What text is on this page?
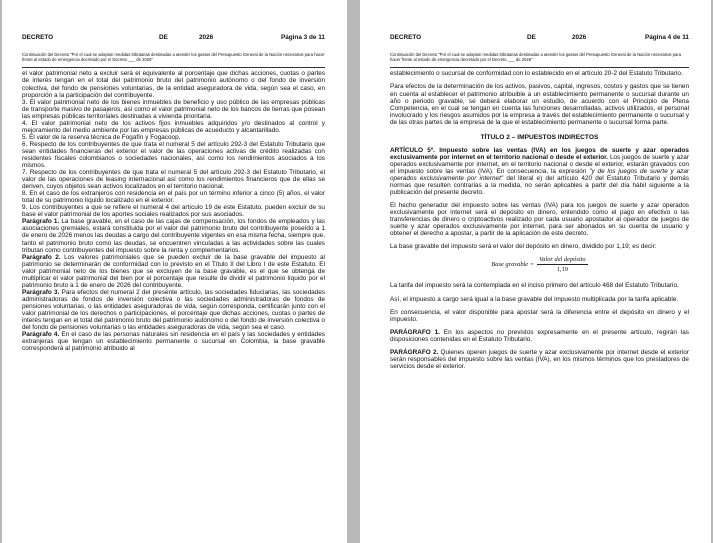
DECRETO	DE	2026	Página 3 de 11
Continuación del Decreto "Por el cual se adoptan medidas tributarias destinadas a atender los gastos del Presupuesto General de la Nación necesarios para hacer frente al estado de emergencia decretado por el Decreto ___ de 2026"

el valor patrimonial neto a excluir será el equivalente al porcentaje que dichas acciones, cuotas o partes de interés tengan en el total del patrimonio bruto del patrimonio autónomo o del fondo de inversión colectiva, del fondo de pensiones voluntarias, de la entidad aseguradora de vida, según sea el caso, en proporción a la participación del contribuyente.

3. El valor patrimonial neto de los bienes inmuebles de beneficio y uso público de las empresas públicas de transporte masivo de pasajeros, así como el valor patrimonial neto de los bancos de tierras que posean las empresas públicas territoriales destinadas a vivienda prioritaria.

4. El valor patrimonial neto de los activos fijos inmuebles adquiridos y/o destinados al control y mejoramiento del medio ambiente por las empresas públicas de acueducto y alcantarillado.

5. El valor de la reserva técnica de Fogafín y Fogacoop.

6. Respecto de los contribuyentes de que trata el numeral 5 del artículo 292-3 del Estatuto Tributario que sean entidades financieras del exterior el valor de las operaciones activas de crédito realizadas con residentes fiscales colombianos o sociedades nacionales, así como los rendimientos asociados a los mismos.

7. Respecto de los contribuyentes de que trata el numeral 5 del artículo 292-3 del Estatuto Tributario, el valor de las operaciones de leasing internacional así como los rendimientos financieros que de ellas se deriven, cuyos objetos sean activos localizados en el territorio nacional.

8. En el caso de los extranjeros con residencia en el país por un término inferior a cinco (5) años, el valor total de su patrimonio líquido localizado en el exterior.

9. Los contribuyentes a que se refiere el numeral 4 del artículo 19 de este Estatuto, pueden excluir de su base el valor patrimonial de los aportes sociales realizados por sus asociados.

Parágrafo 1. La base gravable, en el caso de las cajas de compensación, los fondos de empleados y las asociaciones gremiales, estará constituida por el valor del patrimonio bruto del contribuyente poseído a 1 de enero de 2026 menos las deudas a cargo del contribuyente vigentes en esa misma fecha, siempre que, tanto el patrimonio bruto como las deudas, se encuentren vinculadas a las actividades sobre las cuales tributan como contribuyentes del impuesto sobre la renta y complementarios.

Parágrafo 2. Los valores patrimoniales que se pueden excluir de la base gravable del impuesto al patrimonio se determinarán de conformidad con lo previsto en el Título II del Libro I de este Estatuto. El valor patrimonial neto de los bienes que se excluyen de la base gravable, es el que se obtenga de multiplicar el valor patrimonial del bien por el porcentaje que resulte de dividir el patrimonio líquido por el patrimonio bruto a 1 de enero de 2026 del contribuyente.

Parágrafo 3. Para efectos del numeral 2 del presente artículo, las sociedades fiduciarias, las sociedades administradoras de fondos de inversión colectiva o las sociedades administradoras de fondos de pensiones voluntarias, o las entidades aseguradoras de vida, según corresponda, certificarán junto con el valor patrimonial de los derechos o participaciones, el porcentaje que dichas acciones, cuotas o partes de interés tengan en el total del patrimonio bruto del patrimonio autónomo o del fondo de inversión colectiva o del fondo de pensiones voluntarias o las entidades aseguradoras de vida, según sea el caso.

Parágrafo 4. En el caso de las personas naturales sin residencia en el país y las sociedades y entidades extranjeras que tengan un establecimiento permanente o sucursal en Colombia, la base gravable corresponderá al patrimonio atribuido al

DECRETO	DE	2026	Página 4 de 11
Continuación del Decreto "Por el cual se adoptan medidas tributarias destinadas a atender los gastos del Presupuesto General de la Nación necesarios para hacer frente al estado de emergencia decretado por el Decreto ___ de 2026"

establecimiento o sucursal de conformidad con lo establecido en el artículo 20-2 del Estatuto Tributario.

Para efectos de la determinación de los activos, pasivos, capital, ingresos, costos y gastos que se tienen en cuenta al establecer el patrimonio atribuible a un establecimiento permanente o sucursal durante un año o periodo gravable, se deberá elaborar un estudio, de acuerdo con el Principio de Plena Competencia, en el cual se tengan en cuenta las funciones desarrolladas, activos utilizados, el personal involucrado y los riesgos asumidos por la empresa a través del establecimiento permanente o sucursal y de las otras partes de la empresa de la que el establecimiento permanente o sucursal forma parte.

TÍTULO 2 – IMPUESTOS INDIRECTOS

ARTÍCULO 5º. Impuesto sobre las ventas (IVA) en los juegos de suerte y azar operados exclusivamente por internet en el territorio nacional o desde el exterior. Los juegos de suerte y azar operados exclusivamente por internet, en el territorio nacional o desde el exterior, estarán gravados con el impuesto sobre las ventas (IVA). En consecuencia, la expresión "y de los juegos de suerte y azar operados exclusivamente por internet" del literal e) del artículo 420 del Estatuto Tributario y demás normas que resulten contrarias a la medida, no serán aplicables a partir del día hábil siguiente a la publicación del presente decreto.

El hecho generador del impuesto sobre las ventas (IVA) para los juegos de suerte y azar operados exclusivamente por internet será el depósito en dinero, entendido como el pago en efectivo o las transferencias de dinero o criptoactivos realizado por cada usuario apostador al operador de juegos de suerte y azar operados exclusivamente por internet, para ser abonados en su cuenta de usuario y obtener el derecho a apostar, a partir de la aplicación de este decreto.

La base gravable del impuesto será el valor del depósito en dinero, dividido por 1,19; es decir:

Base gravable = $\frac{\text{Valor del depósito}}{1,19}$

La tarifa del impuesto será la contemplada en el inciso primero del artículo 468 del Estatuto Tributario.

Así, el impuesto a cargo será igual a la base gravable del impuesto multiplicada por la tarifa aplicable.

En consecuencia, el valor disponible para apostar será la diferencia entre el depósito en dinero y el impuesto.

PARÁGRAFO 1. En los aspectos no previstos expresamente en el presente artículo, regirán las disposiciones contenidas en el Estatuto Tributario.

PARÁGRAFO 2. Quienes operen juegos de suerte y azar exclusivamente por internet desde el exterior serán responsables del impuesto sobre las ventas (IVA), en los mismos términos que los prestadores de servicios desde el exterior.
